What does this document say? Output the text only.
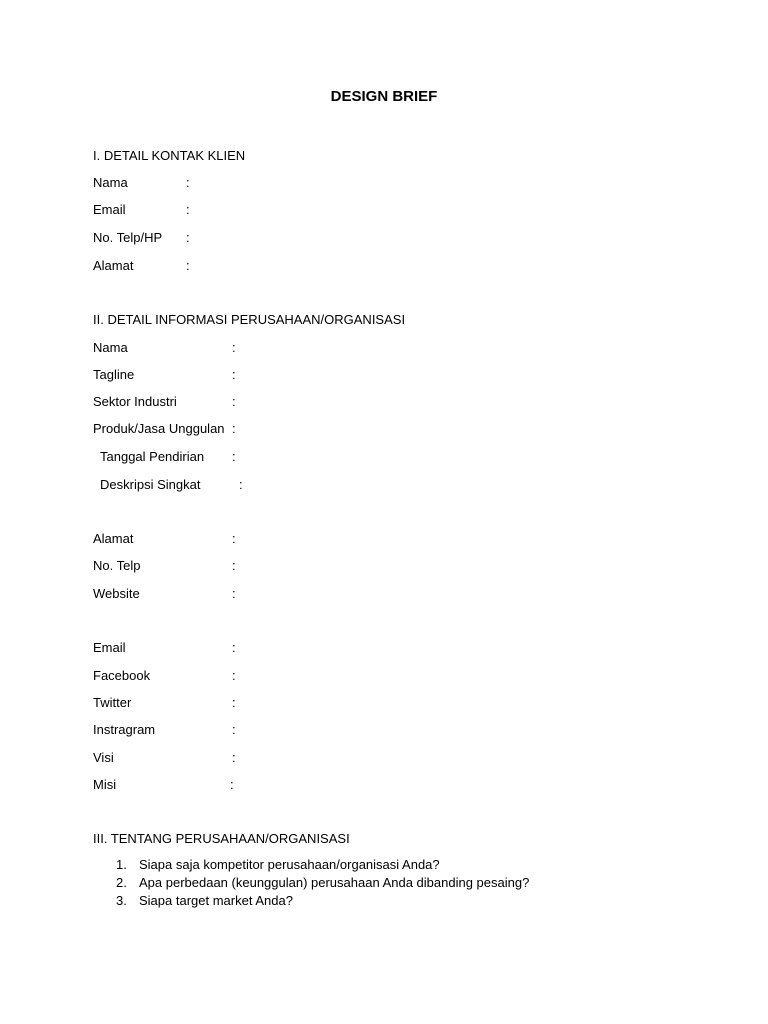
DESIGN BRIEF
I. DETAIL KONTAK KLIEN
Nama	:
Email	:
No. Telp/HP :
Alamat	:
II. DETAIL INFORMASI PERUSAHAAN/ORGANISASI
Nama	:
Tagline	:
Sektor Industri	:
Produk/Jasa Unggulan :
Tanggal Pendirian :
Deskripsi Singkat	:
Alamat	:
No. Telp	:
Website	:
Email	:
Facebook	:
Twitter	:
Instragram	:
Visi	:
Misi	:
III. TENTANG PERUSAHAAN/ORGANISASI
1. Siapa saja kompetitor perusahaan/organisasi Anda?
2. Apa perbedaan (keunggulan) perusahaan Anda dibanding pesaing?
3. Siapa target market Anda?
